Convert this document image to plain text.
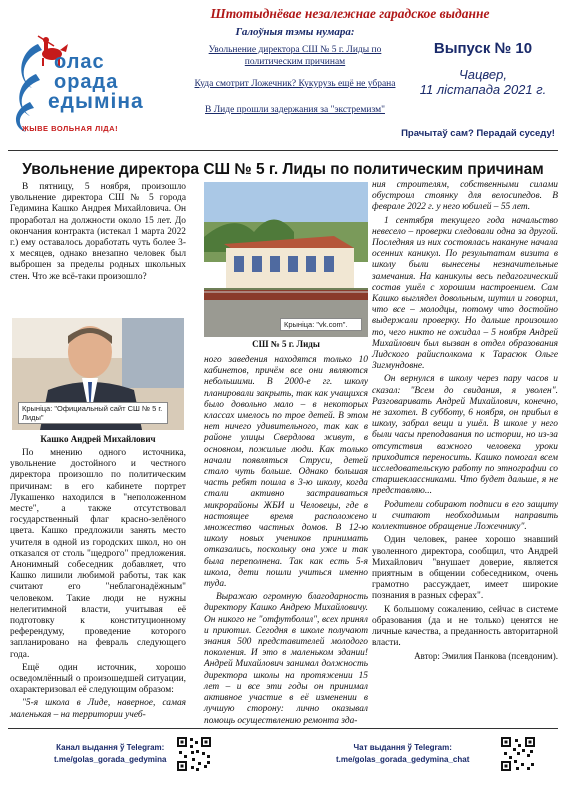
Штотыднёвае незалежнае гарадское выданне
олас
орада
едыміна
ЖЫВЕ ВОЛЬНАЯ ЛІДА!
Галоўныя тэмы нумара:
Увольнение директора СШ № 5 г. Лиды по политическим причинам
Куда смотрит Ложечник? Кукурузь ещё не убрана
В Лиде прошли задержания за "экстремизм"
Выпуск № 10
Чацвер,
11 лістапада 2021 г.
Прачытаў сам? Перадай суседу!
Увольнение директора СШ № 5 г. Лиды по политическим причинам

В пятницу, 5 ноября, произошло увольнение директора СШ № 5 города Гедимина Кашко Андрея Михайловича. Он проработал на должности около 15 лет. До окончания контракта (истекал 1 марта 2022 г.) ему оставалось доработать чуть более 3-х месяцев, однако внезапно человек был выброшен за пределы родных школьных стен. Что же всё-таки произошло?

Крыніца: "Официальный сайт СШ № 5 г. Лиды"
Кашко Андрей Михайлович

По мнению одного источника, увольнение достойного и честного директора произошло по политическим причинам: в его кабинете портрет Лукашенко находился в "неположенном месте", а также отсутствовал государственный флаг красно-зелёного цвета. Кашко предложили занять место учителя в одной из городских школ, но он отказался от столь "щедрого" предложения. Анонимный собеседник добавляет, что Кашко лишили любимой работы, так как считают его "неблагонадёжным" человеком. Такие люди не нужны нелегитимной власти, учитывая её подготовку к конституционному референдуму, проведение которого запланировано на февраль следующего года.

Ещё один источник, хорошо осведомлённый о произошедшей ситуации, охарактеризовал её следующим образом:

"5-я школа в Лиде, наверное, самая маленькая – на территории учеб-

Крыніца: "vk.com".
СШ № 5 г. Лиды

ного заведения находятся только 10 кабинетов, причём все они являются небольшими. В 2000-е гг. школу планировали закрыть, так как учащихся было довольно мало – в некоторых классах имелось по трое детей. В этом нет ничего удивительного, так как в районе улицы Свердлова живут, в основном, пожилые люди. Как только начали появляться Струси, детей стало чуть больше. Однако большая часть ребят пошла в 3-ю школу, когда стали активно застраиваться микрорайоны ЖБИ и Человецы, где в настоящее время расположено множество частных домов. В 12-ю школу новых учеников принимать отказались, поскольку она уже и так была переполнена. Так как есть 5-я школа, дети пошли учиться именно туда.

Выражаю огромную благодарность директору Кашко Андрею Михайловичу. Он никого не "отфутболил", всех принял и приютил. Сегодня в школе получают знания 500 представителей молодого поколения. И это в маленьком здании! Андрей Михайлович занимал должность директора школы на протяжении 15 лет – и все эти годы он принимал активное участие в её изменении в лучшую сторону: лично оказывал помощь осуществлению ремонта зда-

ния строителям, собственными силами обустроил стоянку для велосипедов. В феврале 2022 г. у него юбилей – 55 лет.

1 сентября текущего года начальство невесело – проверки следовали одна за другой. Последняя из них состоялась накануне начала осенних каникул. По результатам визита в школу были вынесены незначительные замечания. На каникулы весь педагогический состав ушёл с хорошим настроением. Сам Кашко выглядел довольным, шутил и говорил, что все – молодцы, потому что достойно выдержали проверку. Но дальше произошло то, чего никто не ожидал – 5 ноября Андрей Михайлович был вызван в отдел образования Лидского райисполкома к Тарасюк Ольге Зигмундовне.

Он вернулся в школу через пару часов и сказал: "Всем до свидания, я уволен". Разговаривать Андрей Михайлович, конечно, не захотел. В субботу, 6 ноября, он прибыл в школу, забрал вещи и ушёл. В школе у него были часы преподавания по истории, но из-за отсутствия важного человека уроки приходится переносить. Кашко помогал всем исследовательскую работу по этнографии со старшеклассниками. Что будет дальше, я не представляю...

Родители собирают подписи в его защиту и считают необходимым направить коллективное обращение Ложечнику".

Один человек, ранее хорошо знавший уволенного директора, сообщил, что Андрей Михайлович "внушает доверие, является приятным в общении собеседником, очень грамотно рассуждает, имеет широкие познания в разных сферах".

К большому сожалению, сейчас в системе образования (да и не только) ценятся не личные качества, а преданность авторитарной власти.

Автор: Эмилия Панкова (псевдоним).
Канал выдання ў Telegram:
t.me/golas_gorada_gedymina
Чат выдання ў Telegram:
t.me/golas_gorada_gedymina_chat
